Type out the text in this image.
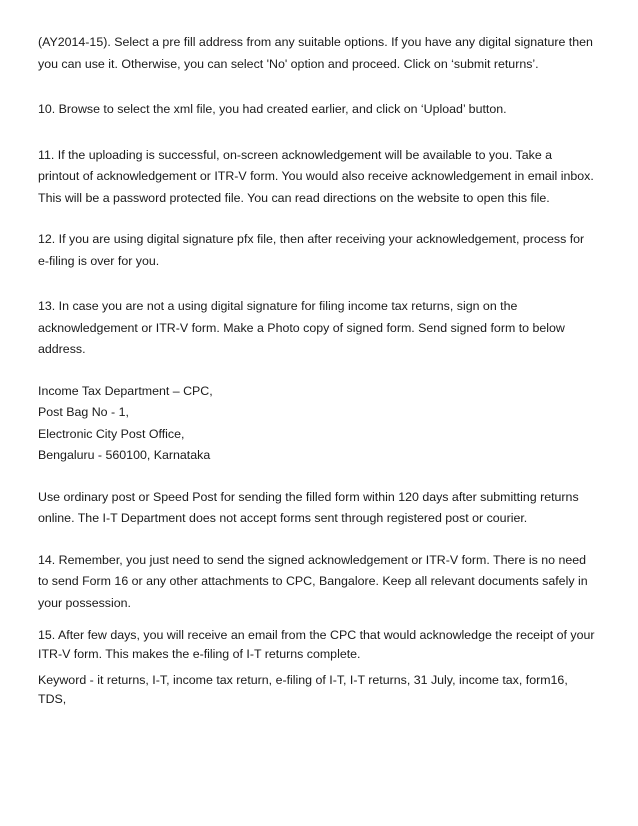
(AY2014-15). Select a pre fill address from any suitable options. If you have any digital signature then
you can use it. Otherwise, you can select 'No' option and proceed. Click on ‘submit returns’.

10. Browse to select the xml file, you had created earlier, and click on ‘Upload’ button.

11. If the uploading is successful, on-screen acknowledgement will be available to you. Take a
printout of acknowledgement or ITR-V form. You would also receive acknowledgement in email inbox.
This will be a password protected file. You can read directions on the website to open this file.

12. If you are using digital signature pfx file, then after receiving your acknowledgement, process for
e-filing is over for you.

13. In case you are not a using digital signature for filing income tax returns, sign on the
acknowledgement or ITR-V form. Make a Photo copy of signed form. Send signed form to below
address.

Income Tax Department – CPC,
Post Bag No - 1,
Electronic City Post Office,
Bengaluru - 560100, Karnataka

Use ordinary post or Speed Post for sending the filled form within 120 days after submitting returns
online. The I-T Department does not accept forms sent through registered post or courier.

14. Remember, you just need to send the signed acknowledgement or ITR-V form. There is no need
to send Form 16 or any other attachments to CPC, Bangalore. Keep all relevant documents safely in
your possession.

15. After few days, you will receive an email from the CPC that would acknowledge the receipt of your
ITR-V form. This makes the e-filing of I-T returns complete.

Keyword - it returns, I-T, income tax return, e-filing of I-T, I-T returns, 31 July, income tax, form16,
TDS,
